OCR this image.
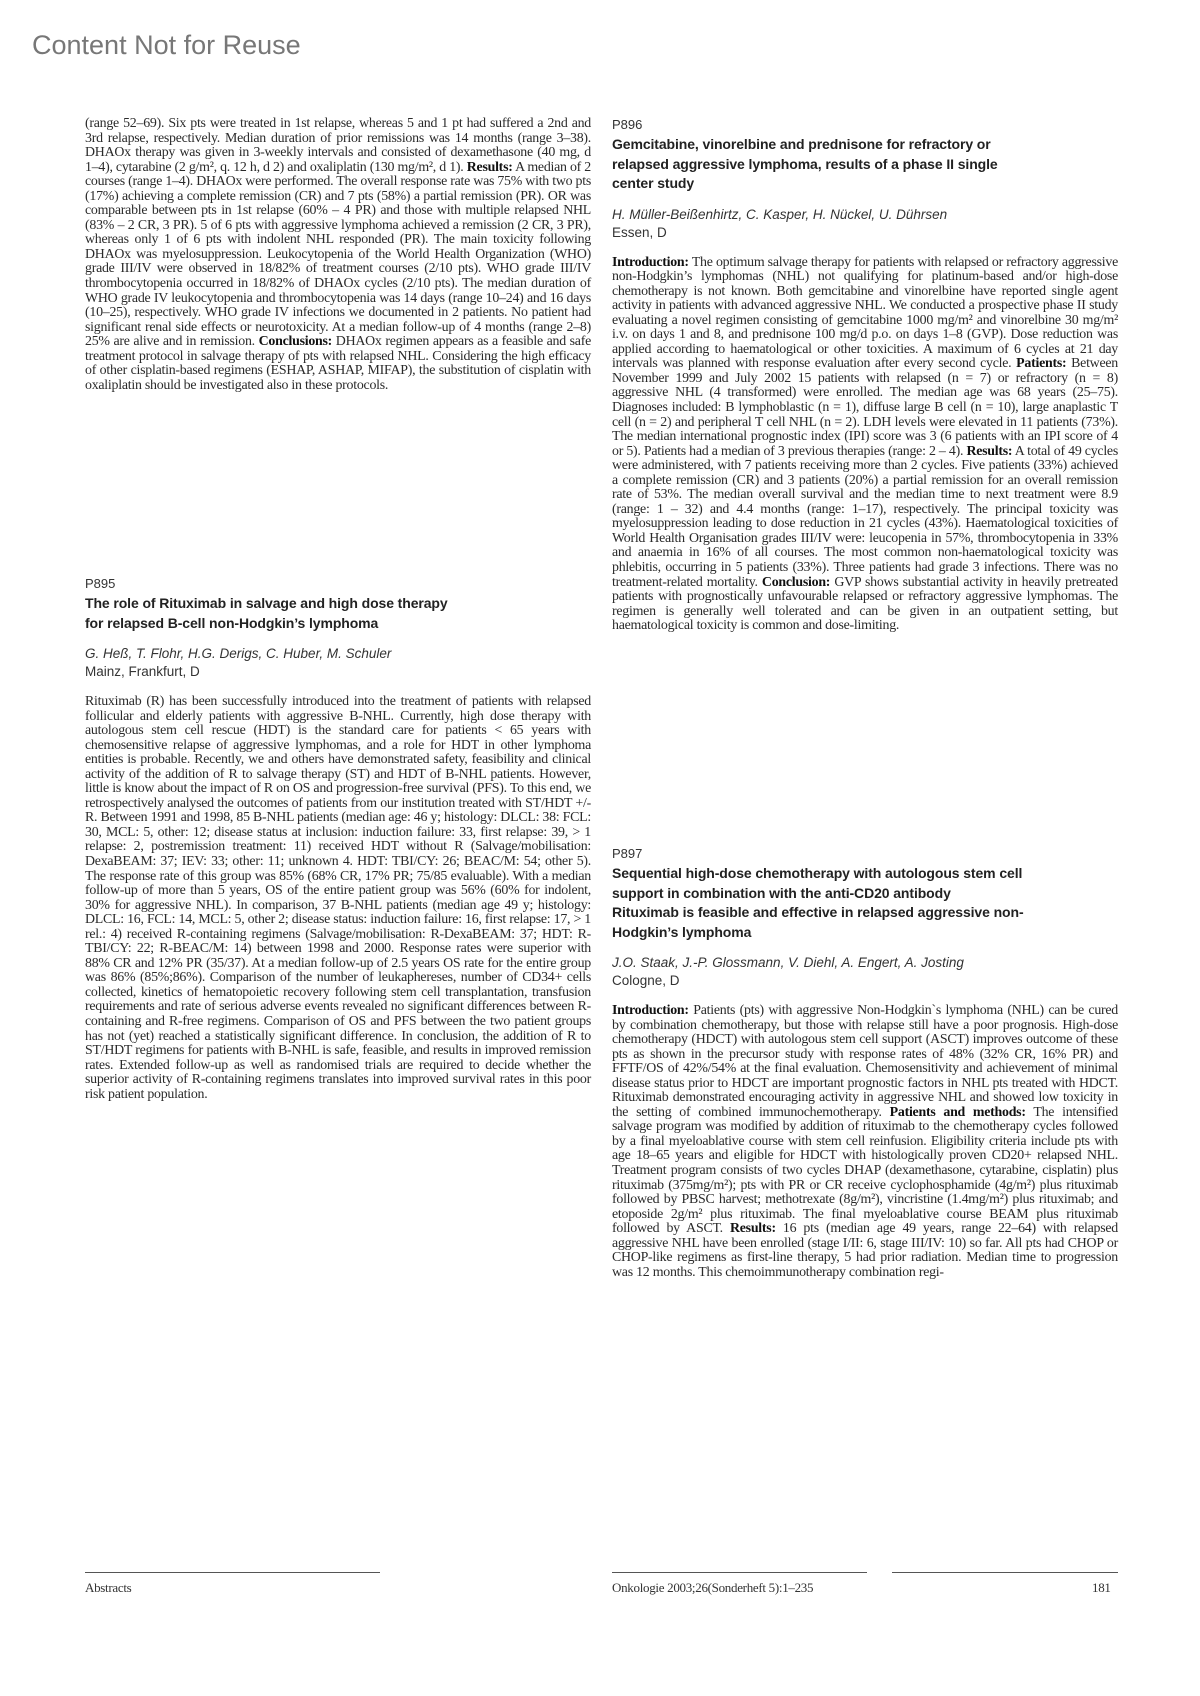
Content Not for Reuse

(range 52–69). Six pts were treated in 1st relapse, whereas 5 and 1 pt had suffered a 2nd and 3rd relapse, respectively. Median duration of prior remissions was 14 months (range 3–38). DHAOx therapy was given in 3-weekly intervals and consisted of dexamethasone (40 mg, d 1–4), cytarabine (2 g/m², q. 12 h, d 2) and oxaliplatin (130 mg/m², d 1). Results: A median of 2 courses (range 1–4). DHAOx were performed. The overall response rate was 75% with two pts (17%) achieving a complete remission (CR) and 7 pts (58%) a partial remission (PR). OR was comparable between pts in 1st relapse (60% – 4 PR) and those with multiple relapsed NHL (83% – 2 CR, 3 PR). 5 of 6 pts with aggressive lymphoma achieved a remission (2 CR, 3 PR), whereas only 1 of 6 pts with indolent NHL responded (PR). The main toxicity following DHAOx was myelosuppression. Leukocytopenia of the World Health Organization (WHO) grade III/IV were observed in 18/82% of treatment courses (2/10 pts). WHO grade III/IV thrombocytopenia occurred in 18/82% of DHAOx cycles (2/10 pts). The median duration of WHO grade IV leukocytopenia and thrombocytopenia was 14 days (range 10–24) and 16 days (10–25), respectively. WHO grade IV infections we documented in 2 patients. No patient had significant renal side effects or neurotoxicity. At a median follow-up of 4 months (range 2–8) 25% are alive and in remission. Conclusions: DHAOx regimen appears as a feasible and safe treatment protocol in salvage therapy of pts with relapsed NHL. Considering the high efficacy of other cisplatin-based regimens (ESHAP, ASHAP, MIFAP), the substitution of cisplatin with oxaliplatin should be investigated also in these protocols.

P895

The role of Rituximab in salvage and high dose therapy
for relapsed B-cell non-Hodgkin’s lymphoma

G. Heß, T. Flohr, H.G. Derigs, C. Huber, M. Schuler

Mainz, Frankfurt, D

Rituximab (R) has been successfully introduced into the treatment of patients with relapsed follicular and elderly patients with aggressive B-NHL. Currently, high dose therapy with autologous stem cell rescue (HDT) is the standard care for patients < 65 years with chemosensitive relapse of aggressive lymphomas, and a role for HDT in other lymphoma entities is probable. Recently, we and others have demonstrated safety, feasibility and clinical activity of the addition of R to salvage therapy (ST) and HDT of B-NHL patients. However, little is know about the impact of R on OS and progression-free survival (PFS). To this end, we retrospectively analysed the outcomes of patients from our institution treated with ST/HDT +/- R. Between 1991 and 1998, 85 B-NHL patients (median age: 46 y; histology: DLCL: 38: FCL: 30, MCL: 5, other: 12; disease status at inclusion: induction failure: 33, first relapse: 39, > 1 relapse: 2, postremission treatment: 11) received HDT without R (Salvage/mobilisation: DexaBEAM: 37; IEV: 33; other: 11; unknown 4. HDT: TBI/CY: 26; BEAC/M: 54; other 5). The response rate of this group was 85% (68% CR, 17% PR; 75/85 evaluable). With a median follow-up of more than 5 years, OS of the entire patient group was 56% (60% for indolent, 30% for aggressive NHL). In comparison, 37 B-NHL patients (median age 49 y; histology: DLCL: 16, FCL: 14, MCL: 5, other 2; disease status: induction failure: 16, first relapse: 17, > 1 rel.: 4) received R-containing regimens (Salvage/mobilisation: R-DexaBEAM: 37; HDT: R-TBI/CY: 22; R-BEAC/M: 14) between 1998 and 2000. Response rates were superior with 88% CR and 12% PR (35/37). At a median follow-up of 2.5 years OS rate for the entire group was 86% (85%;86%). Comparison of the number of leukaphereses, number of CD34+ cells collected, kinetics of hematopoietic recovery following stem cell transplantation, transfusion requirements and rate of serious adverse events revealed no significant differences between R-containing and R-free regimens. Comparison of OS and PFS between the two patient groups has not (yet) reached a statistically significant difference. In conclusion, the addition of R to ST/HDT regimens for patients with B-NHL is safe, feasible, and results in improved remission rates. Extended follow-up as well as randomised trials are required to decide whether the superior activity of R-containing regimens translates into improved survival rates in this poor risk patient population.

P896

Gemcitabine, vinorelbine and prednisone for refractory or
relapsed aggressive lymphoma, results of a phase II single
center study

H. Müller-Beißenhirtz, C. Kasper, H. Nückel, U. Dührsen

Essen, D

Introduction: The optimum salvage therapy for patients with relapsed or refractory aggressive non-Hodgkin’s lymphomas (NHL) not qualifying for platinum-based and/or high-dose chemotherapy is not known. Both gemcitabine and vinorelbine have reported single agent activity in patients with advanced aggressive NHL. We conducted a prospective phase II study evaluating a novel regimen consisting of gemcitabine 1000 mg/m² and vinorelbine 30 mg/m² i.v. on days 1 and 8, and prednisone 100 mg/d p.o. on days 1–8 (GVP). Dose reduction was applied according to haematological or other toxicities. A maximum of 6 cycles at 21 day intervals was planned with response evaluation after every second cycle. Patients: Between November 1999 and July 2002 15 patients with relapsed (n = 7) or refractory (n = 8) aggressive NHL (4 transformed) were enrolled. The median age was 68 years (25–75). Diagnoses included: B lymphoblastic (n = 1), diffuse large B cell (n = 10), large anaplastic T cell (n = 2) and peripheral T cell NHL (n = 2). LDH levels were elevated in 11 patients (73%). The median international prognostic index (IPI) score was 3 (6 patients with an IPI score of 4 or 5). Patients had a median of 3 previous therapies (range: 2 – 4). Results: A total of 49 cycles were administered, with 7 patients receiving more than 2 cycles. Five patients (33%) achieved a complete remission (CR) and 3 patients (20%) a partial remission for an overall remission rate of 53%. The median overall survival and the median time to next treatment were 8.9 (range: 1 – 32) and 4.4 months (range: 1–17), respectively. The principal toxicity was myelosuppression leading to dose reduction in 21 cycles (43%). Haematological toxicities of World Health Organisation grades III/IV were: leucopenia in 57%, thrombocytopenia in 33% and anaemia in 16% of all courses. The most common non-haematological toxicity was phlebitis, occurring in 5 patients (33%). Three patients had grade 3 infections. There was no treatment-related mortality. Conclusion: GVP shows substantial activity in heavily pretreated patients with prognostically unfavourable relapsed or refractory aggressive lymphomas. The regimen is generally well tolerated and can be given in an outpatient setting, but haematological toxicity is common and dose-limiting.

P897

Sequential high-dose chemotherapy with autologous stem cell
support in combination with the anti-CD20 antibody
Rituximab is feasible and effective in relapsed aggressive non-
Hodgkin’s lymphoma

J.O. Staak, J.-P. Glossmann, V. Diehl, A. Engert, A. Josting

Cologne, D

Introduction: Patients (pts) with aggressive Non-Hodgkin`s lymphoma (NHL) can be cured by combination chemotherapy, but those with relapse still have a poor prognosis. High-dose chemotherapy (HDCT) with autologous stem cell support (ASCT) improves outcome of these pts as shown in the precursor study with response rates of 48% (32% CR, 16% PR) and FFTF/OS of 42%/54% at the final evaluation. Chemosensitivity and achievement of minimal disease status prior to HDCT are important prognostic factors in NHL pts treated with HDCT. Rituximab demonstrated encouraging activity in aggressive NHL and showed low toxicity in the setting of combined immunochemotherapy. Patients and methods: The intensified salvage program was modified by addition of rituximab to the chemotherapy cycles followed by a final myeloablative course with stem cell reinfusion. Eligibility criteria include pts with age 18–65 years and eligible for HDCT with histologically proven CD20+ relapsed NHL. Treatment program consists of two cycles DHAP (dexamethasone, cytarabine, cisplatin) plus rituximab (375mg/m²); pts with PR or CR receive cyclophosphamide (4g/m²) plus rituximab followed by PBSC harvest; methotrexate (8g/m²), vincristine (1.4mg/m²) plus rituximab; and etoposide 2g/m² plus rituximab. The final myeloablative course BEAM plus rituximab followed by ASCT. Results: 16 pts (median age 49 years, range 22–64) with relapsed aggressive NHL have been enrolled (stage I/II: 6, stage III/IV: 10) so far. All pts had CHOP or CHOP-like regimens as first-line therapy, 5 had prior radiation. Median time to progression was 12 months. This chemoimmunotherapy combination regi-

Abstracts	Onkologie 2003;26(Sonderheft 5):1–235	181
